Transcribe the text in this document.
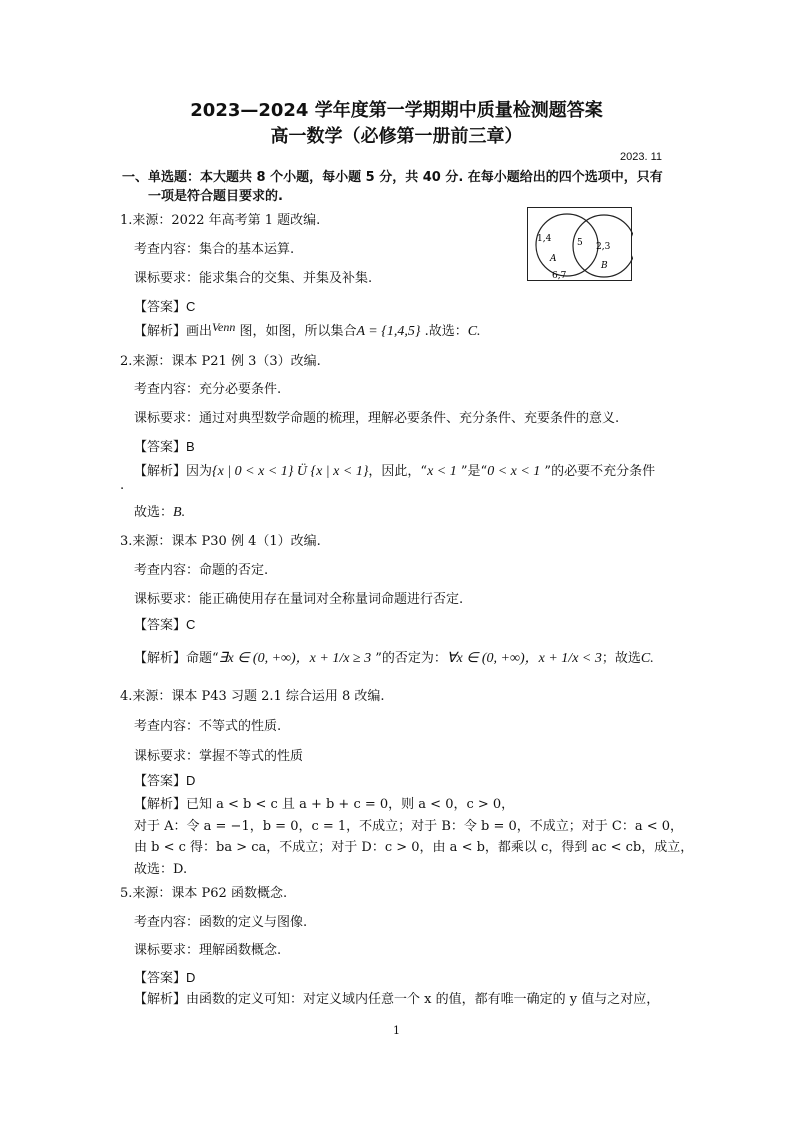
2023—2024 学年度第一学期期中质量检测题答案
高一数学（必修第一册前三章）
2023. 11
一、单选题：本大题共 8 个小题，每小题 5 分，共 40 分. 在每小题给出的四个选项中，只有
一项是符合题目要求的.
1,4	5 2,3
A
B
6,7
1.来源：2022 年高考第 1 题改编.
考查内容：集合的基本运算.
课标要求：能求集合的交集、并集及补集.
【答案】C
【解析】画出Venn 图，如图，所以集合A = {1,4,5} .故选：C.
2.来源：课本 P21 例 3（3）改编.
考查内容：充分必要条件.
课标要求：通过对典型数学命题的梳理，理解必要条件、充分条件、充要条件的意义.
【答案】B
【解析】因为{x | 0 < x < 1} Ü {x | x < 1}，因此，“x < 1 ”是“0 < x < 1 ”的必要不充分条件
.
故选：B.
3.来源：课本 P30 例 4（1）改编.
考查内容：命题的否定.
课标要求：能正确使用存在量词对全称量词命题进行否定.
【答案】C
【解析】命题“∃x ∈ (0, +∞)，x + 1/x ≥ 3 ”的否定为：∀x ∈ (0, +∞)，x + 1/x < 3；故选C.
4.来源：课本 P43 习题 2.1 综合运用 8 改编.
考查内容：不等式的性质.
课标要求：掌握不等式的性质
【答案】D
【解析】已知 a < b < c 且 a + b + c = 0，则 a < 0，c > 0，
对于 A：令 a = −1，b = 0，c = 1，不成立；对于 B：令 b = 0，不成立；对于 C：a < 0，
由 b < c 得：ba > ca，不成立；对于 D：c > 0，由 a < b，都乘以 c，得到 ac < cb，成立，
故选：D.
5.来源：课本 P62 函数概念.
考查内容：函数的定义与图像.
课标要求：理解函数概念.
【答案】D
【解析】由函数的定义可知：对定义域内任意一个 x 的值，都有唯一确定的 y 值与之对应，
1
